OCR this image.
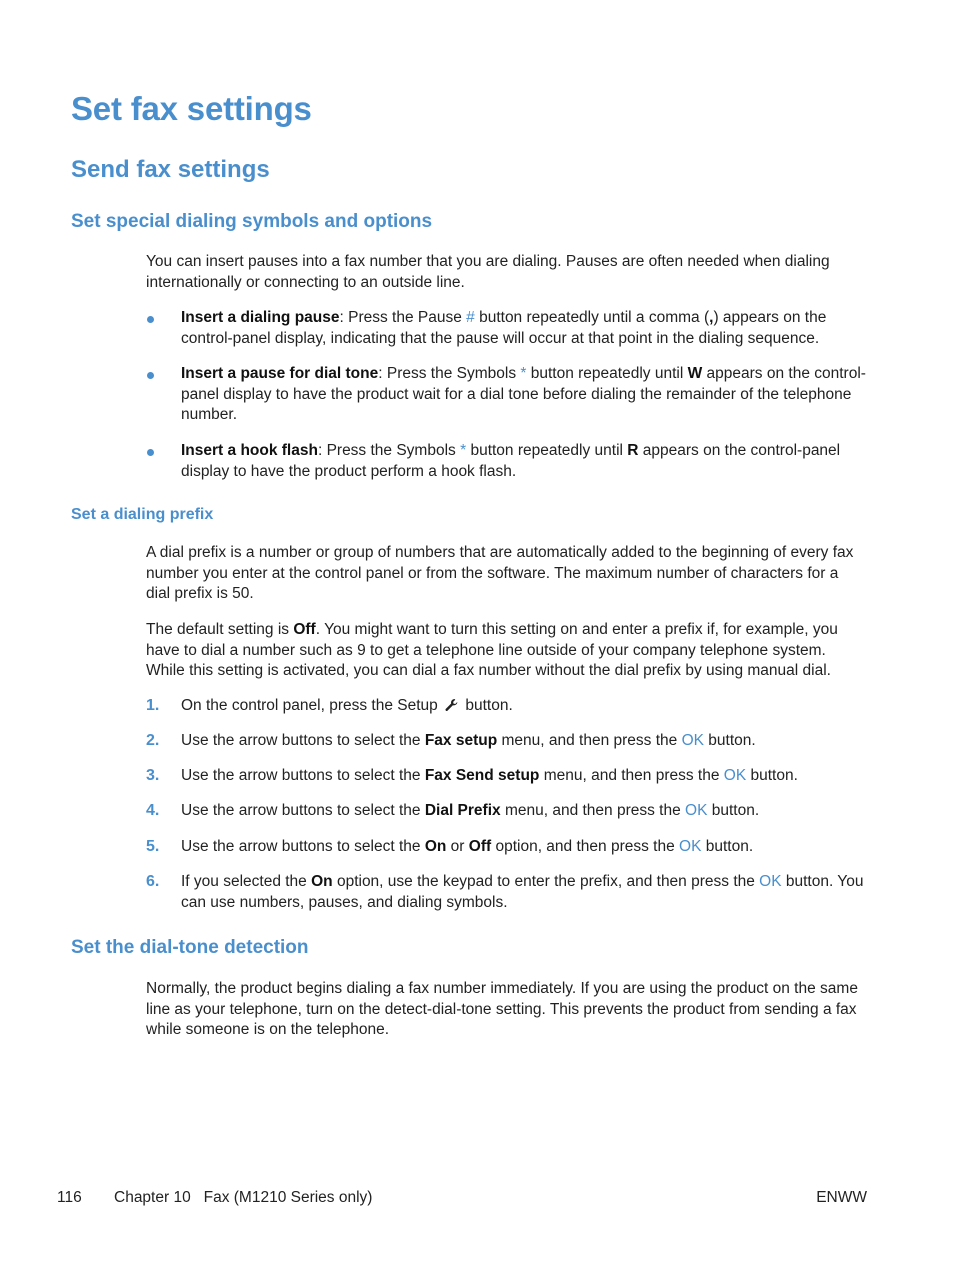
Set fax settings
Send fax settings
Set special dialing symbols and options

You can insert pauses into a fax number that you are dialing. Pauses are often needed when dialing internationally or connecting to an outside line.

Insert a dialing pause: Press the Pause # button repeatedly until a comma (,) appears on the control-panel display, indicating that the pause will occur at that point in the dialing sequence.

Insert a pause for dial tone: Press the Symbols * button repeatedly until W appears on the control-panel display to have the product wait for a dial tone before dialing the remainder of the telephone number.

Insert a hook flash: Press the Symbols * button repeatedly until R appears on the control-panel display to have the product perform a hook flash.

Set a dialing prefix

A dial prefix is a number or group of numbers that are automatically added to the beginning of every fax number you enter at the control panel or from the software. The maximum number of characters for a dial prefix is 50.

The default setting is Off. You might want to turn this setting on and enter a prefix if, for example, you have to dial a number such as 9 to get a telephone line outside of your company telephone system. While this setting is activated, you can dial a fax number without the dial prefix by using manual dial.

1. On the control panel, press the Setup  button.

2. Use the arrow buttons to select the Fax setup menu, and then press the OK button.

3. Use the arrow buttons to select the Fax Send setup menu, and then press the OK button.

4. Use the arrow buttons to select the Dial Prefix menu, and then press the OK button.

5. Use the arrow buttons to select the On or Off option, and then press the OK button.

6. If you selected the On option, use the keypad to enter the prefix, and then press the OK button. You can use numbers, pauses, and dialing symbols.

Set the dial-tone detection

Normally, the product begins dialing a fax number immediately. If you are using the product on the same line as your telephone, turn on the detect-dial-tone setting. This prevents the product from sending a fax while someone is on the telephone.

116 Chapter 10   Fax (M1210 Series only)	ENWW
